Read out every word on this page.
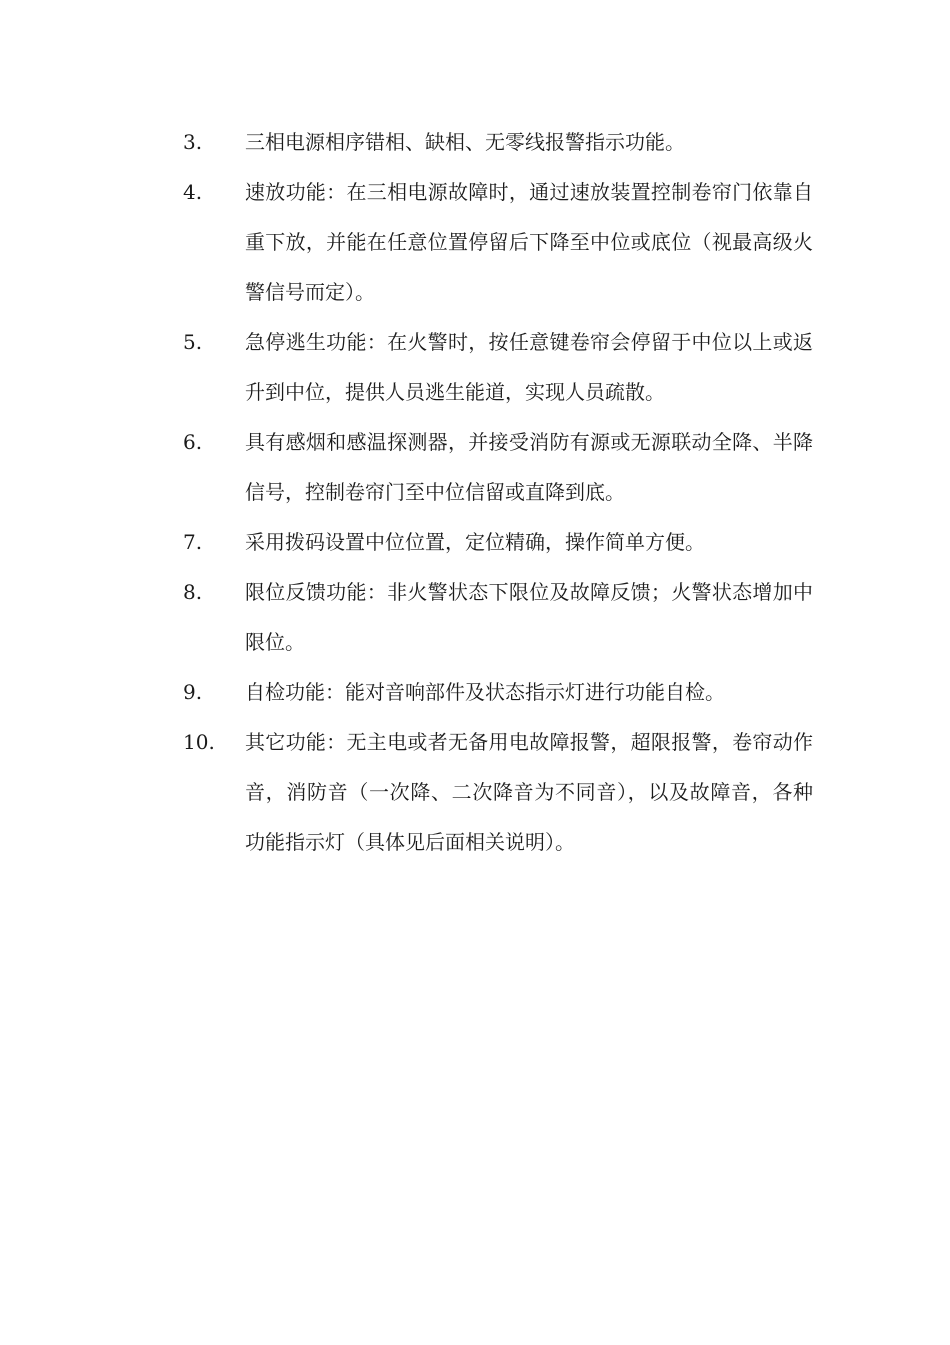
3.	三相电源相序错相、缺相、无零线报警指示功能。
4.	速放功能：在三相电源故障时，通过速放装置控制卷帘门依靠自重下放，并能在任意位置停留后下降至中位或底位（视最高级火警信号而定）。
5.	急停逃生功能：在火警时，按任意键卷帘会停留于中位以上或返升到中位，提供人员逃生能道，实现人员疏散。
6.	具有感烟和感温探测器，并接受消防有源或无源联动全降、半降信号，控制卷帘门至中位信留或直降到底。
7.	采用拨码设置中位位置，定位精确，操作简单方便。
8.	限位反馈功能：非火警状态下限位及故障反馈；火警状态增加中限位。
9.	自检功能：能对音响部件及状态指示灯进行功能自检。
10.	其它功能：无主电或者无备用电故障报警，超限报警，卷帘动作音，消防音（一次降、二次降音为不同音），以及故障音，各种功能指示灯（具体见后面相关说明）。
